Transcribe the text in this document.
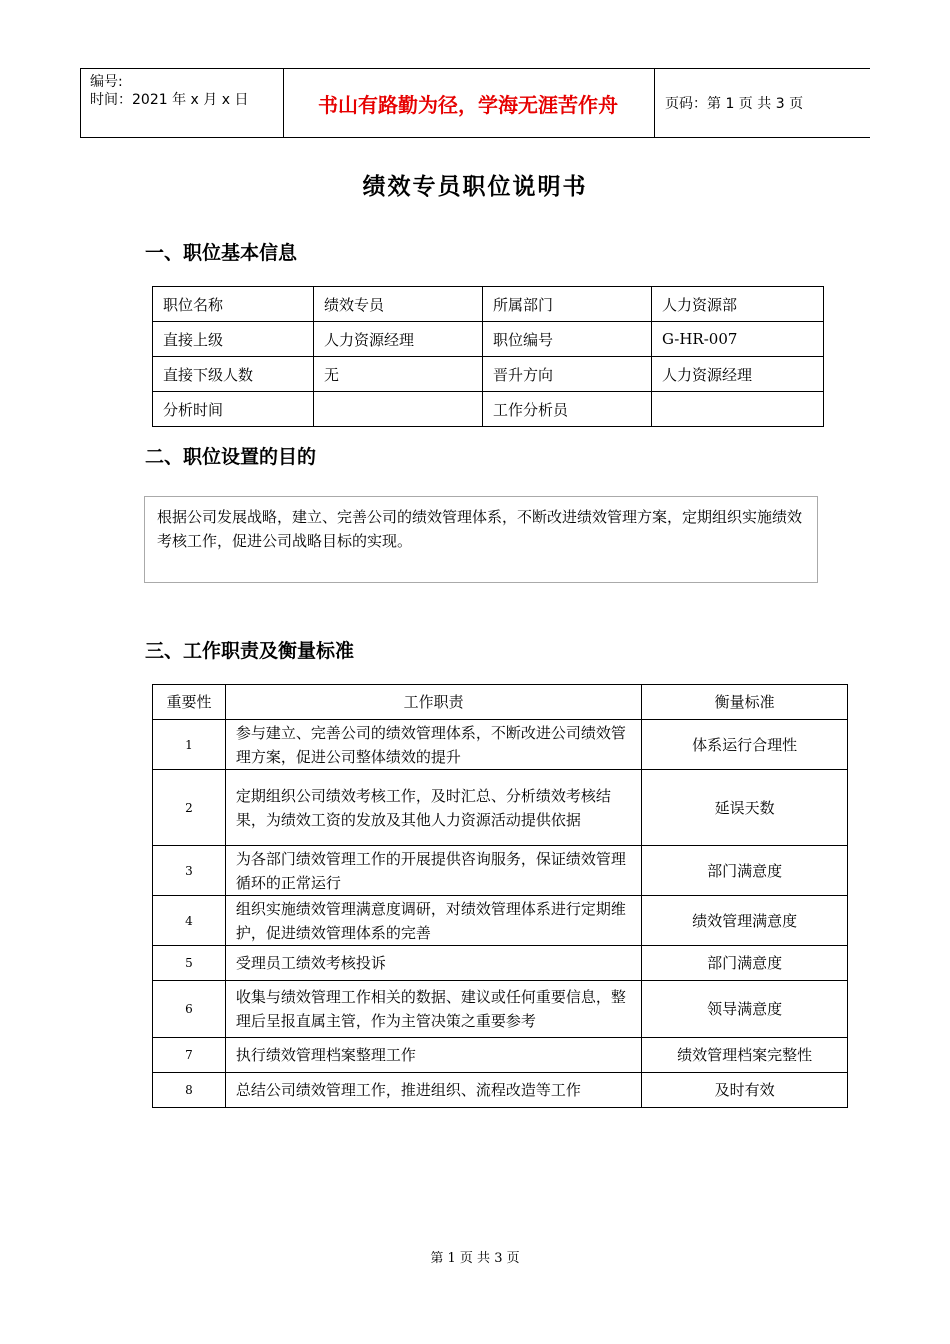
编号:
时间：2021 年 x 月 x 日	书山有路勤为径，学海无涯苦作舟	页码：第 1 页 共 3 页
绩效专员职位说明书
一、职位基本信息
职位名称	绩效专员	所属部门	人力资源部
直接上级	人力资源经理	职位编号	G-HR-007
直接下级人数	无	晋升方向	人力资源经理
分析时间		工作分析员	
二、职位设置的目的
根据公司发展战略，建立、完善公司的绩效管理体系，不断改进绩效管理方案，定期组织实施绩效考核工作，促进公司战略目标的实现。
三、工作职责及衡量标准
重要性	工作职责	衡量标准
1	参与建立、完善公司的绩效管理体系，不断改进公司绩效管理方案，促进公司整体绩效的提升	体系运行合理性
2	定期组织公司绩效考核工作，及时汇总、分析绩效考核结果，为绩效工资的发放及其他人力资源活动提供依据	延误天数
3	为各部门绩效管理工作的开展提供咨询服务，保证绩效管理循环的正常运行	部门满意度
4	组织实施绩效管理满意度调研，对绩效管理体系进行定期维护，促进绩效管理体系的完善	绩效管理满意度
5	受理员工绩效考核投诉	部门满意度
6	收集与绩效管理工作相关的数据、建议或任何重要信息，整理后呈报直属主管，作为主管决策之重要参考	领导满意度
7	执行绩效管理档案整理工作	绩效管理档案完整性
8	总结公司绩效管理工作，推进组织、流程改造等工作	及时有效
第 1 页 共 3 页
